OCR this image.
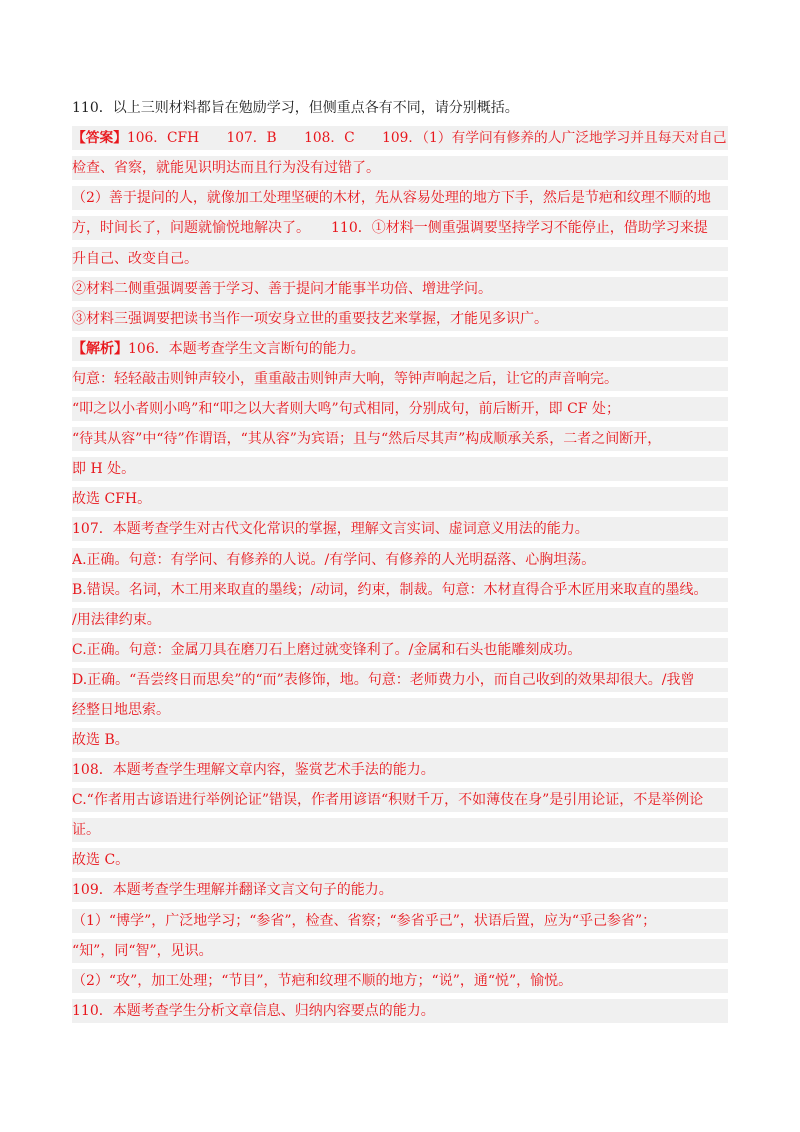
110．以上三则材料都旨在勉励学习，但侧重点各有不同，请分别概括。
【答案】106．CFH　　107．B　　108．C　　109．（1）有学问有修养的人广泛地学习并且每天对自己
检查、省察，就能见识明达而且行为没有过错了。
（2）善于提问的人，就像加工处理坚硬的木材，先从容易处理的地方下手，然后是节疤和纹理不顺的地
方，时间长了，问题就愉悦地解决了。　　110．①材料一侧重强调要坚持学习不能停止，借助学习来提
升自己、改变自己。
②材料二侧重强调要善于学习、善于提问才能事半功倍、增进学问。
③材料三强调要把读书当作一项安身立世的重要技艺来掌握，才能见多识广。
【解析】106．本题考查学生文言断句的能力。
句意：轻轻敲击则钟声较小，重重敲击则钟声大响，等钟声响起之后，让它的声音响完。
“叩之以小者则小鸣”和“叩之以大者则大鸣”句式相同，分别成句，前后断开，即 CF 处；
“待其从容”中“待”作谓语，“其从容”为宾语；且与“然后尽其声”构成顺承关系，二者之间断开，
即 H 处。
故选 CFH。
107．本题考查学生对古代文化常识的掌握，理解文言实词、虚词意义用法的能力。
A.正确。句意：有学问、有修养的人说。/有学问、有修养的人光明磊落、心胸坦荡。
B.错误。名词，木工用来取直的墨线；/动词，约束，制裁。句意：木材直得合乎木匠用来取直的墨线。
/用法律约束。
C.正确。句意：金属刀具在磨刀石上磨过就变锋利了。/金属和石头也能雕刻成功。
D.正确。“吾尝终日而思矣”的“而”表修饰，地。句意：老师费力小，而自己收到的效果却很大。/我曾
经整日地思索。
故选 B。
108．本题考查学生理解文章内容，鉴赏艺术手法的能力。
C.“作者用古谚语进行举例论证”错误，作者用谚语“积财千万，不如薄伎在身”是引用论证，不是举例论
证。
故选 C。
109．本题考查学生理解并翻译文言文句子的能力。
（1）“博学”，广泛地学习；“参省”，检查、省察；“参省乎己”，状语后置，应为“乎己参省”；
“知”，同“智”，见识。
（2）“攻”，加工处理；“节目”，节疤和纹理不顺的地方；“说”，通“悦”，愉悦。
110．本题考查学生分析文章信息、归纳内容要点的能力。
